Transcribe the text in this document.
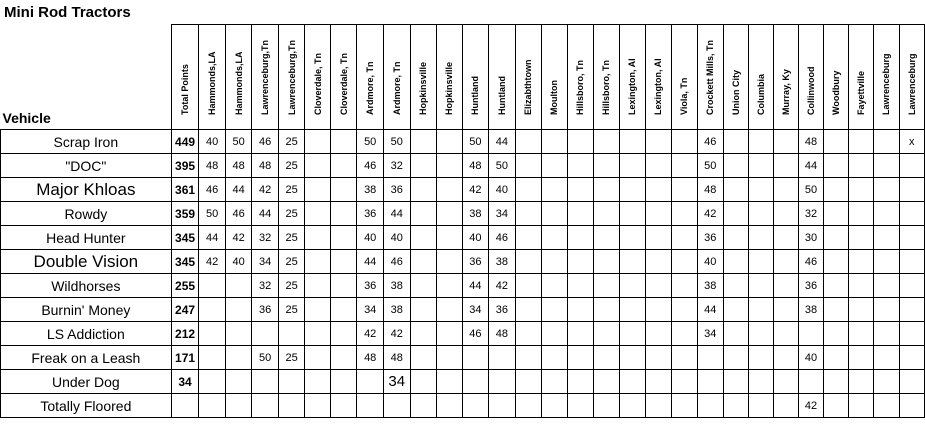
Mini Rod Tractors
Vehicle	Total Points	Hammonds,LA	Hammonds,LA	Lawrenceburg,Tn	Lawrenceburg,Tn	Cloverdale, Tn	Cloverdale, Tn	Ardmore, Tn	Ardmore, Tn	Hopkinsville	Hopkinsville	Huntland	Huntland	Elizabthtown	Moulton	Hillsboro, Tn	Hillsboro, Tn	Lexington, Al	Lexington, Al	Viola, Tn	Crockett Mills, Tn	Union City	Columbia	Murray, Ky	Collinwood	Woodbury	Fayettville	Lawrenceburg	Lawrenceburg

Scrap Iron	449	40	50	46	25			50	50			50	44								46				48				x
"DOC"	395	48	48	48	25			46	32			48	50								50				44				
Major Khloas	361	46	44	42	25			38	36			42	40								48				50				
Rowdy	359	50	46	44	25			36	44			38	34								42				32				
Head Hunter	345	44	42	32	25			40	40			40	46								36				30				
Double Vision	345	42	40	34	25			44	46			36	38								40				46				
Wildhorses	255			32	25			36	38			44	42								38				36				
Burnin' Money	247			36	25			34	38			34	36								44				38				
LS Addiction	212							42	42			46	48								34								
Freak on a Leash	171			50	25			48	48																40				
Under Dog	34								34																				
Totally Floored																									42				
